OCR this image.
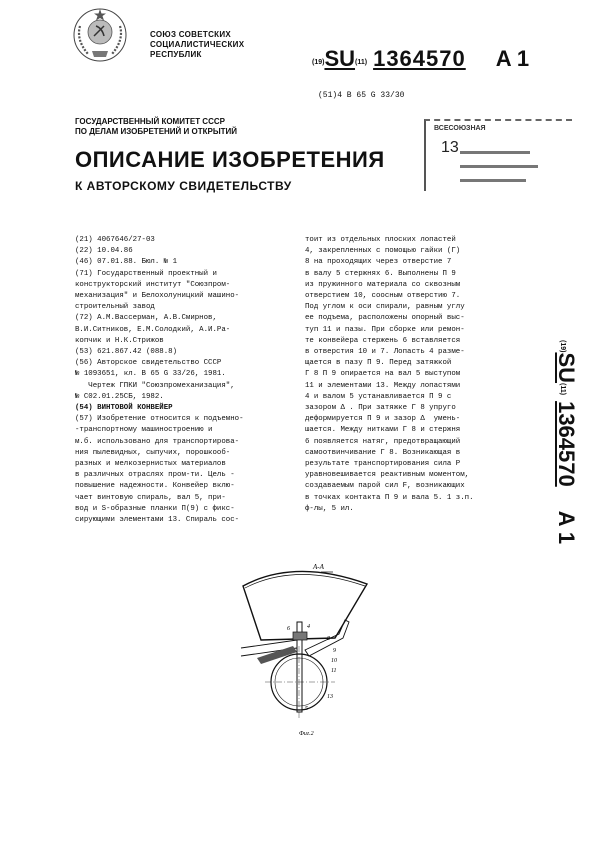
СОЮЗ СОВЕТСКИХ
СОЦИАЛИСТИЧЕСКИХ
РЕСПУБЛИК
(19)SU(11) 1364570 A 1
(51)4 B 65 G 33/30
ГОСУДАРСТВЕННЫЙ КОМИТЕТ СССР
ПО ДЕЛАМ ИЗОБРЕТЕНИЙ И ОТКРЫТИЙ	ВСЕСОЮЗНАЯ
13
ОПИСАНИЕ ИЗОБРЕТЕНИЯ
К АВТОРСКОМУ СВИДЕТЕЛЬСТВУ
(21) 4067646/27-03
(22) 10.04.86
(46) 07.01.88. Бюл. № 1
(71) Государственный проектный и
конструкторский институт "Союзпром-
механизация" и Белохолуницкий машино-
строительный завод
(72) А.М.Вассерман, А.В.Смирнов,
В.И.Ситников, Е.М.Солодкий, А.И.Ра-
копчик и Н.К.Стрижов
(53) 621.867.42 (088.8)
(56) Авторское свидетельство СССР
№ 1093651, кл. В 65 G 33/26, 1981.
Чертеж ГПКИ "Союзпромеханизация",
№ С02.01.25СБ, 1982.
(54) ВИНТОВОЙ КОНВЕЙЕР
(57) Изобретение относится к подъемно-
-транспортному машиностроению и
м.б. использовано для транспортирова-
ния пылевидных, сыпучих, порошкооб-
разных и мелкозернистых материалов
в различных отраслях пром-ти. Цель -
повышение надежности. Конвейер вклю-
чает винтовую спираль, вал 5, при-
вод и S-образные планки П(9) с фикс-
сирующими элементами 13. Спираль сос-
тоит из отдельных плоских лопастей
4, закрепленных с помощью гайки (Г)
8 на проходящих через отверстие 7
в валу 5 стержнях 6. Выполнены П 9
из пружинного материала со сквозным
отверстием 10, соосным отверстию 7.
Под углом к оси спирали, равным углу
ее подъема, расположены опорный выс-
туп 11 и пазы. При сборке или ремон-
те конвейера стержень 6 вставляется
в отверстия 10 и 7. Лопасть 4 разме-
щается в пазу П 9. Перед затяжкой
Г 8 П 9 опирается на вал 5 выступом
11 и элементами 13. Между лопастями
4 и валом 5 устанавливается П 9 с
зазором Δ . При затяжке Г 8 упруго
деформируется П 9 и зазор Δ  умень-
шается. Между нитками Г 8 и стержня
6 появляется натяг, предотвращающий
самоотвинчивание Г 8. Возникающая в
результате транспортирования сила P
уравновешивается реактивным моментом,
создаваемым парой сил F, возникающих
в точках контакта П 9 и вала 5. 1 з.п.
ф-лы, 5 ил.
(19)SU(11)1364570A 1
А-А
6	4
8
9
10
11
13
5
Фиг.2
